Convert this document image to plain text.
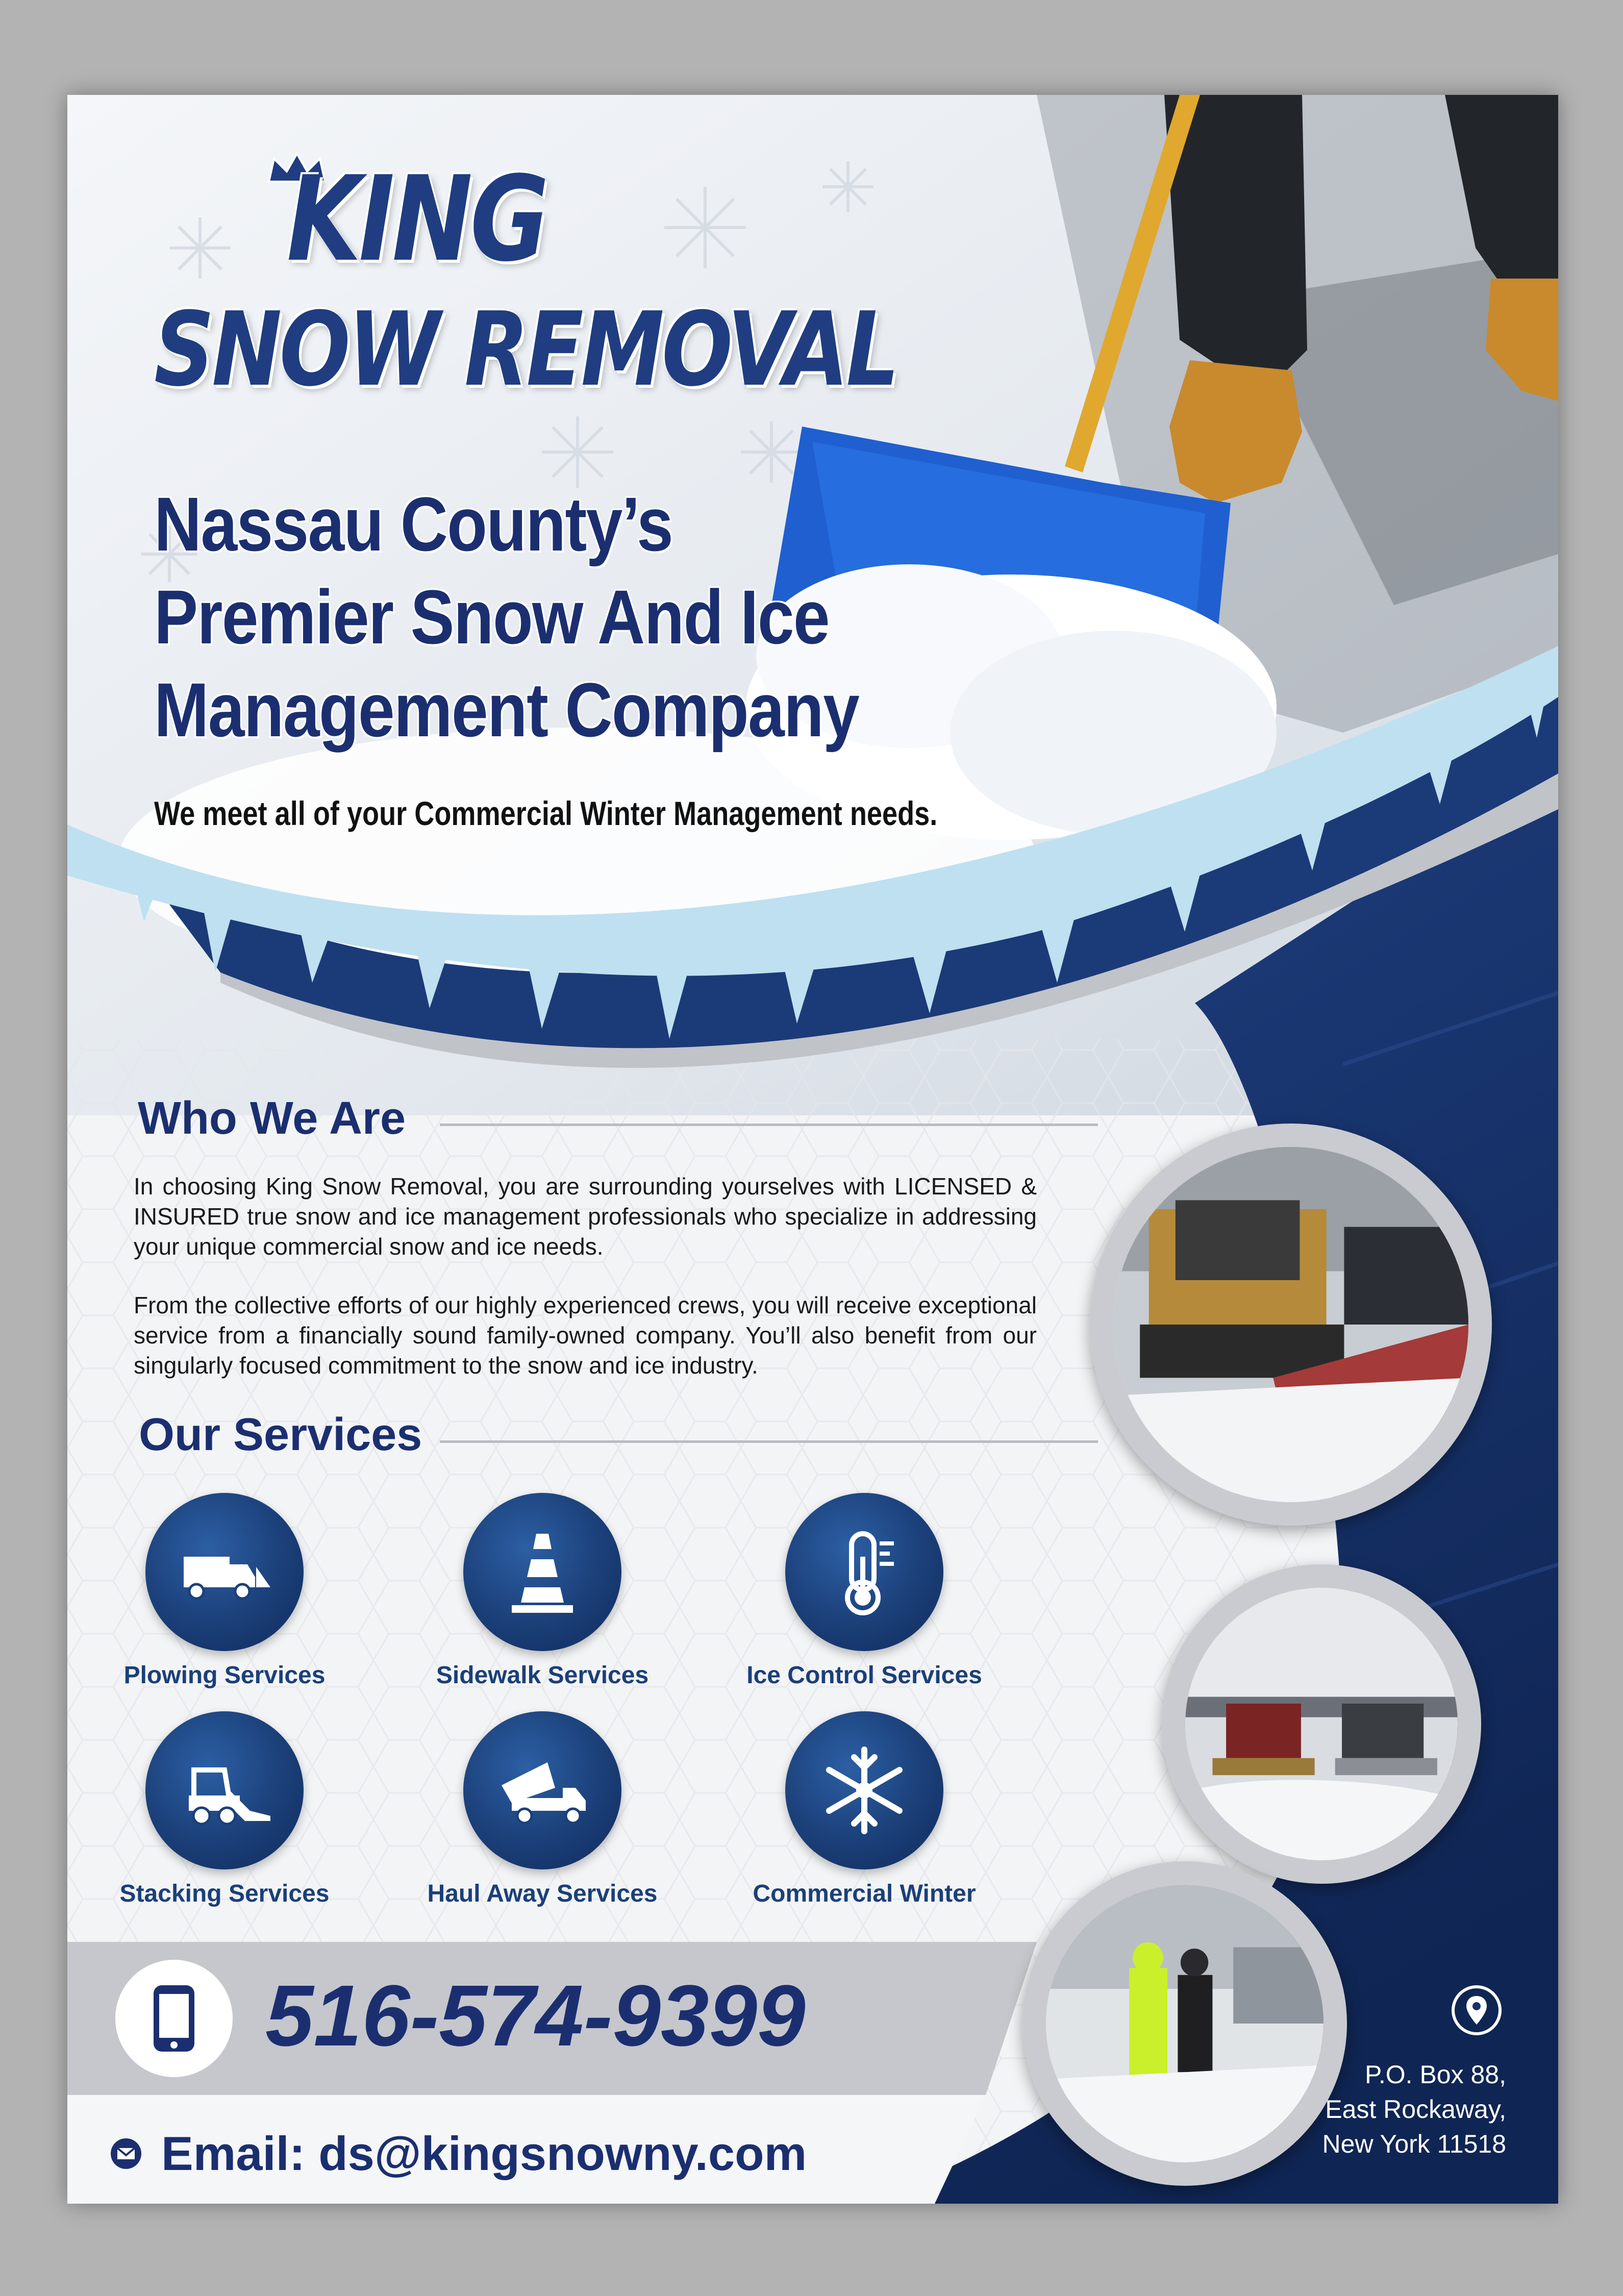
KING
SNOW REMOVAL
Nassau County’s
Premier Snow And Ice
Management Company
We meet all of your Commercial Winter Management needs.
Who We Are
In choosing King Snow Removal, you are surrounding yourselves with LICENSED & INSURED true snow and ice management professionals who specialize in addressing your unique commercial snow and ice needs.
From the collective efforts of our highly experienced crews, you will receive exceptional service from a financially sound family-owned company. You’ll also benefit from our singularly focused commitment to the snow and ice industry.
Our Services
Plowing Services	Sidewalk Services	Ice Control Services
Stacking Services	Haul Away Services	Commercial Winter
516-574-9399
Email: ds@kingsnowny.com
P.O. Box 88,
East Rockaway,
New York 11518
